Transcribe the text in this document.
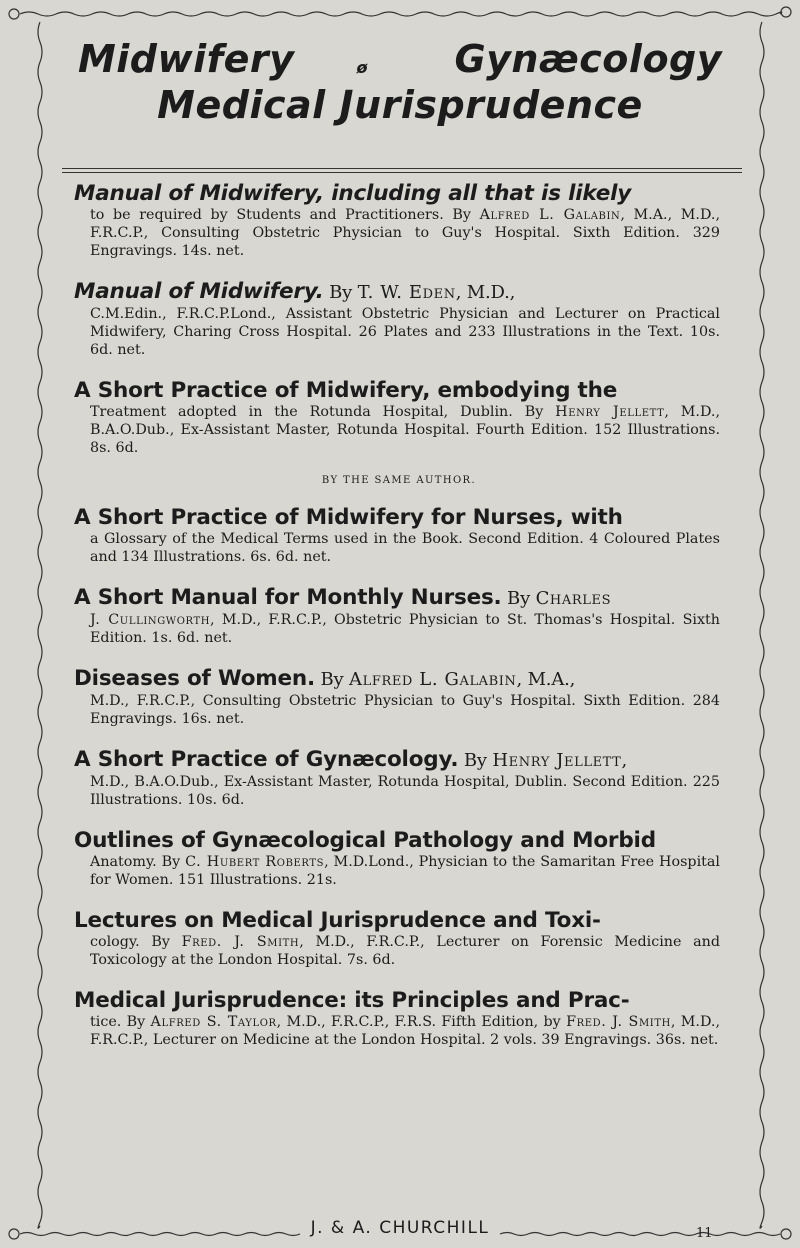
Midwifery	ø Gynæcology
Medical Jurisprudence
Manual of Midwifery, including all that is likely
to be required by Students and Practitioners. By Alfred L. Galabin, M.A., M.D., F.R.C.P., Consulting Obstetric Physician to Guy's Hospital. Sixth Edition. 329 Engravings. 14s. net.
Manual of Midwifery. By T. W. Eden, M.D.,
C.M.Edin., F.R.C.P.Lond., Assistant Obstetric Physician and Lecturer on Practical Midwifery, Charing Cross Hospital. 26 Plates and 233 Illustrations in the Text. 10s. 6d. net.
A Short Practice of Midwifery, embodying the
Treatment adopted in the Rotunda Hospital, Dublin. By Henry Jellett, M.D., B.A.O.Dub., Ex-Assistant Master, Rotunda Hospital. Fourth Edition. 152 Illustrations. 8s. 6d.
BY THE SAME AUTHOR.
A Short Practice of Midwifery for Nurses, with
a Glossary of the Medical Terms used in the Book. Second Edition. 4 Coloured Plates and 134 Illustrations. 6s. 6d. net.
A Short Manual for Monthly Nurses. By Charles
J. Cullingworth, M.D., F.R.C.P., Obstetric Physician to St. Thomas's Hospital. Sixth Edition. 1s. 6d. net.
Diseases of Women. By Alfred L. Galabin, M.A.,
M.D., F.R.C.P., Consulting Obstetric Physician to Guy's Hospital. Sixth Edition. 284 Engravings. 16s. net.
A Short Practice of Gynæcology. By Henry Jellett,
M.D., B.A.O.Dub., Ex-Assistant Master, Rotunda Hospital, Dublin. Second Edition. 225 Illustrations. 10s. 6d.
Outlines of Gynæcological Pathology and Morbid
Anatomy. By C. Hubert Roberts, M.D.Lond., Physician to the Samaritan Free Hospital for Women. 151 Illustrations. 21s.
Lectures on Medical Jurisprudence and Toxi-
cology. By Fred. J. Smith, M.D., F.R.C.P., Lecturer on Forensic Medicine and Toxicology at the London Hospital. 7s. 6d.
Medical Jurisprudence: its Principles and Prac-
tice. By Alfred S. Taylor, M.D., F.R.C.P., F.R.S. Fifth Edition, by Fred. J. Smith, M.D., F.R.C.P., Lecturer on Medicine at the London Hospital. 2 vols. 39 Engravings. 36s. net.
J. & A. CHURCHILL	11
